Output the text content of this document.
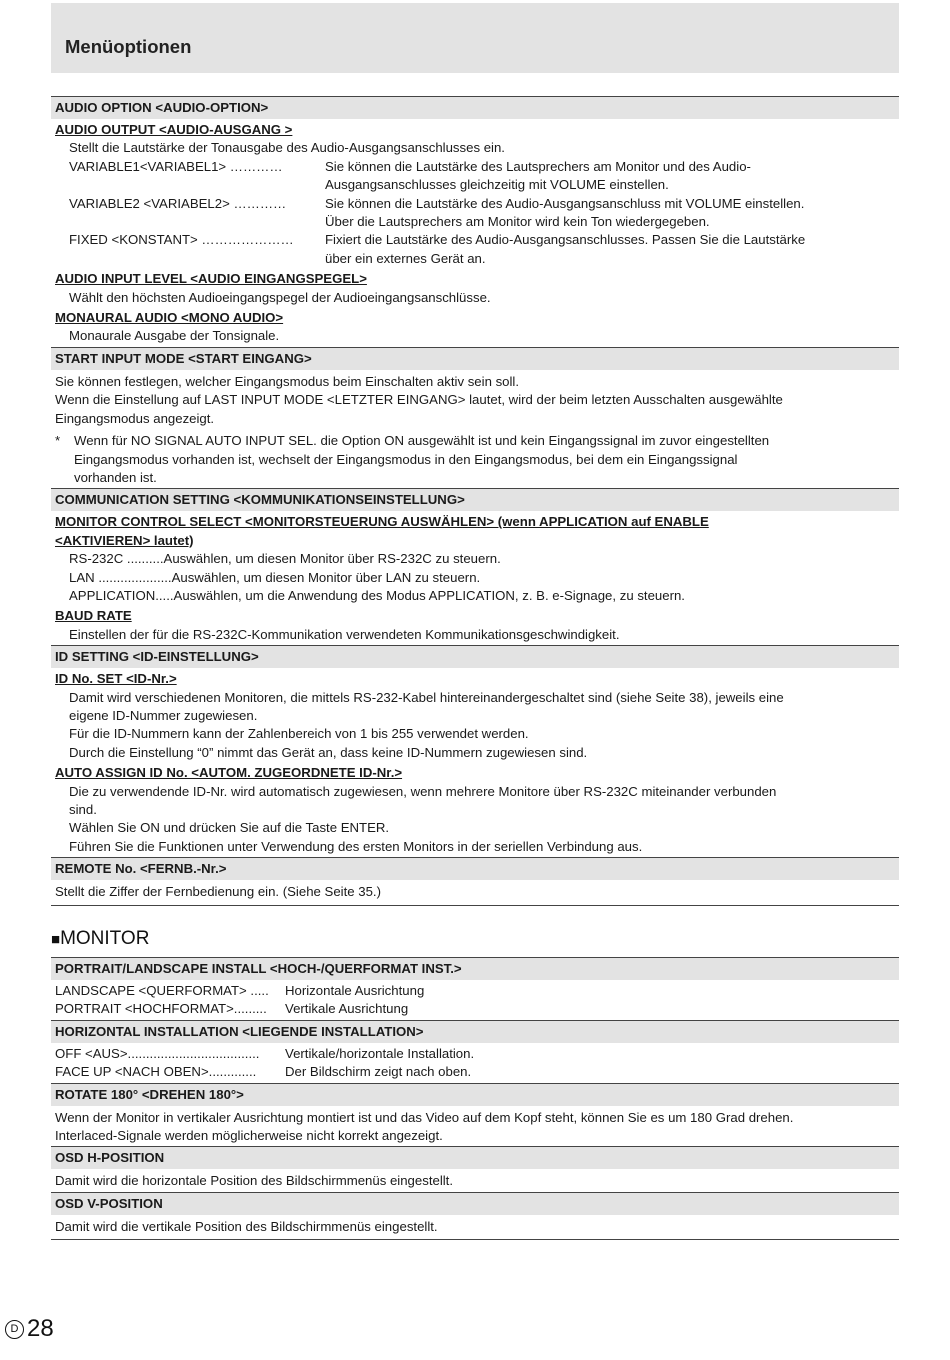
Menüoptionen
AUDIO OPTION <AUDIO-OPTION>
AUDIO OUTPUT <AUDIO-AUSGANG >
Stellt die Lautstärke der Tonausgabe des Audio-Ausgangsanschlusses ein.
VARIABLE1<VARIABEL1> …………	Sie können die Lautstärke des Lautsprechers am Monitor und des Audio-
Ausgangsanschlusses gleichzeitig mit VOLUME einstellen.
VARIABLE2 <VARIABEL2> …………	Sie können die Lautstärke des Audio-Ausgangsanschluss mit VOLUME einstellen.
Über die Lautsprechers am Monitor wird kein Ton wiedergegeben.
FIXED <KONSTANT> …………………	Fixiert die Lautstärke des Audio-Ausgangsanschlusses. Passen Sie die Lautstärke
über ein externes Gerät an.
AUDIO INPUT LEVEL <AUDIO EINGANGSPEGEL>
Wählt den höchsten Audioeingangspegel der Audioeingangsanschlüsse.
MONAURAL AUDIO <MONO AUDIO>
Monaurale Ausgabe der Tonsignale.
START INPUT MODE <START EINGANG>
Sie können festlegen, welcher Eingangsmodus beim Einschalten aktiv sein soll.
Wenn die Einstellung auf LAST INPUT MODE <LETZTER EINGANG> lautet, wird der beim letzten Ausschalten ausgewählte
Eingangsmodus angezeigt.
*	Wenn für NO SIGNAL AUTO INPUT SEL. die Option ON ausgewählt ist und kein Eingangssignal im zuvor eingestellten
Eingangsmodus vorhanden ist, wechselt der Eingangsmodus in den Eingangsmodus, bei dem ein Eingangssignal
vorhanden ist.
COMMUNICATION SETTING <KOMMUNIKATIONSEINSTELLUNG>
MONITOR CONTROL SELECT <MONITORSTEUERUNG AUSWÄHLEN> (wenn APPLICATION auf ENABLE
<AKTIVIEREN> lautet)
RS-232C ..........Auswählen, um diesen Monitor über RS-232C zu steuern.
LAN ....................Auswählen, um diesen Monitor über LAN zu steuern.
APPLICATION.....Auswählen, um die Anwendung des Modus APPLICATION, z. B. e-Signage, zu steuern.
BAUD RATE
Einstellen der für die RS-232C-Kommunikation verwendeten Kommunikationsgeschwindigkeit.
ID SETTING <ID-EINSTELLUNG>
ID No. SET <ID-Nr.>
Damit wird verschiedenen Monitoren, die mittels RS-232-Kabel hintereinandergeschaltet sind (siehe Seite 38), jeweils eine
eigene ID-Nummer zugewiesen.
Für die ID-Nummern kann der Zahlenbereich von 1 bis 255 verwendet werden.
Durch die Einstellung “0” nimmt das Gerät an, dass keine ID-Nummern zugewiesen sind.
AUTO ASSIGN ID No. <AUTOM. ZUGEORDNETE ID-Nr.>
Die zu verwendende ID-Nr. wird automatisch zugewiesen, wenn mehrere Monitore über RS-232C miteinander verbunden
sind.
Wählen Sie ON und drücken Sie auf die Taste ENTER.
Führen Sie die Funktionen unter Verwendung des ersten Monitors in der seriellen Verbindung aus.
REMOTE No. <FERNB.-Nr.>
Stellt die Ziffer der Fernbedienung ein. (Siehe Seite 35.)
■MONITOR
PORTRAIT/LANDSCAPE INSTALL <HOCH-/QUERFORMAT INST.>
LANDSCAPE <QUERFORMAT> .....	Horizontale Ausrichtung
PORTRAIT <HOCHFORMAT>.........	Vertikale Ausrichtung
HORIZONTAL INSTALLATION <LIEGENDE INSTALLATION>
OFF <AUS>....................................	Vertikale/horizontale Installation.
FACE UP <NACH OBEN>.............	Der Bildschirm zeigt nach oben.
ROTATE 180° <DREHEN 180°>
Wenn der Monitor in vertikaler Ausrichtung montiert ist und das Video auf dem Kopf steht, können Sie es um 180 Grad drehen.
Interlaced-Signale werden möglicherweise nicht korrekt angezeigt.
OSD H-POSITION
Damit wird die horizontale Position des Bildschirmmenüs eingestellt.
OSD V-POSITION
Damit wird die vertikale Position des Bildschirmmenüs eingestellt.
D 28
